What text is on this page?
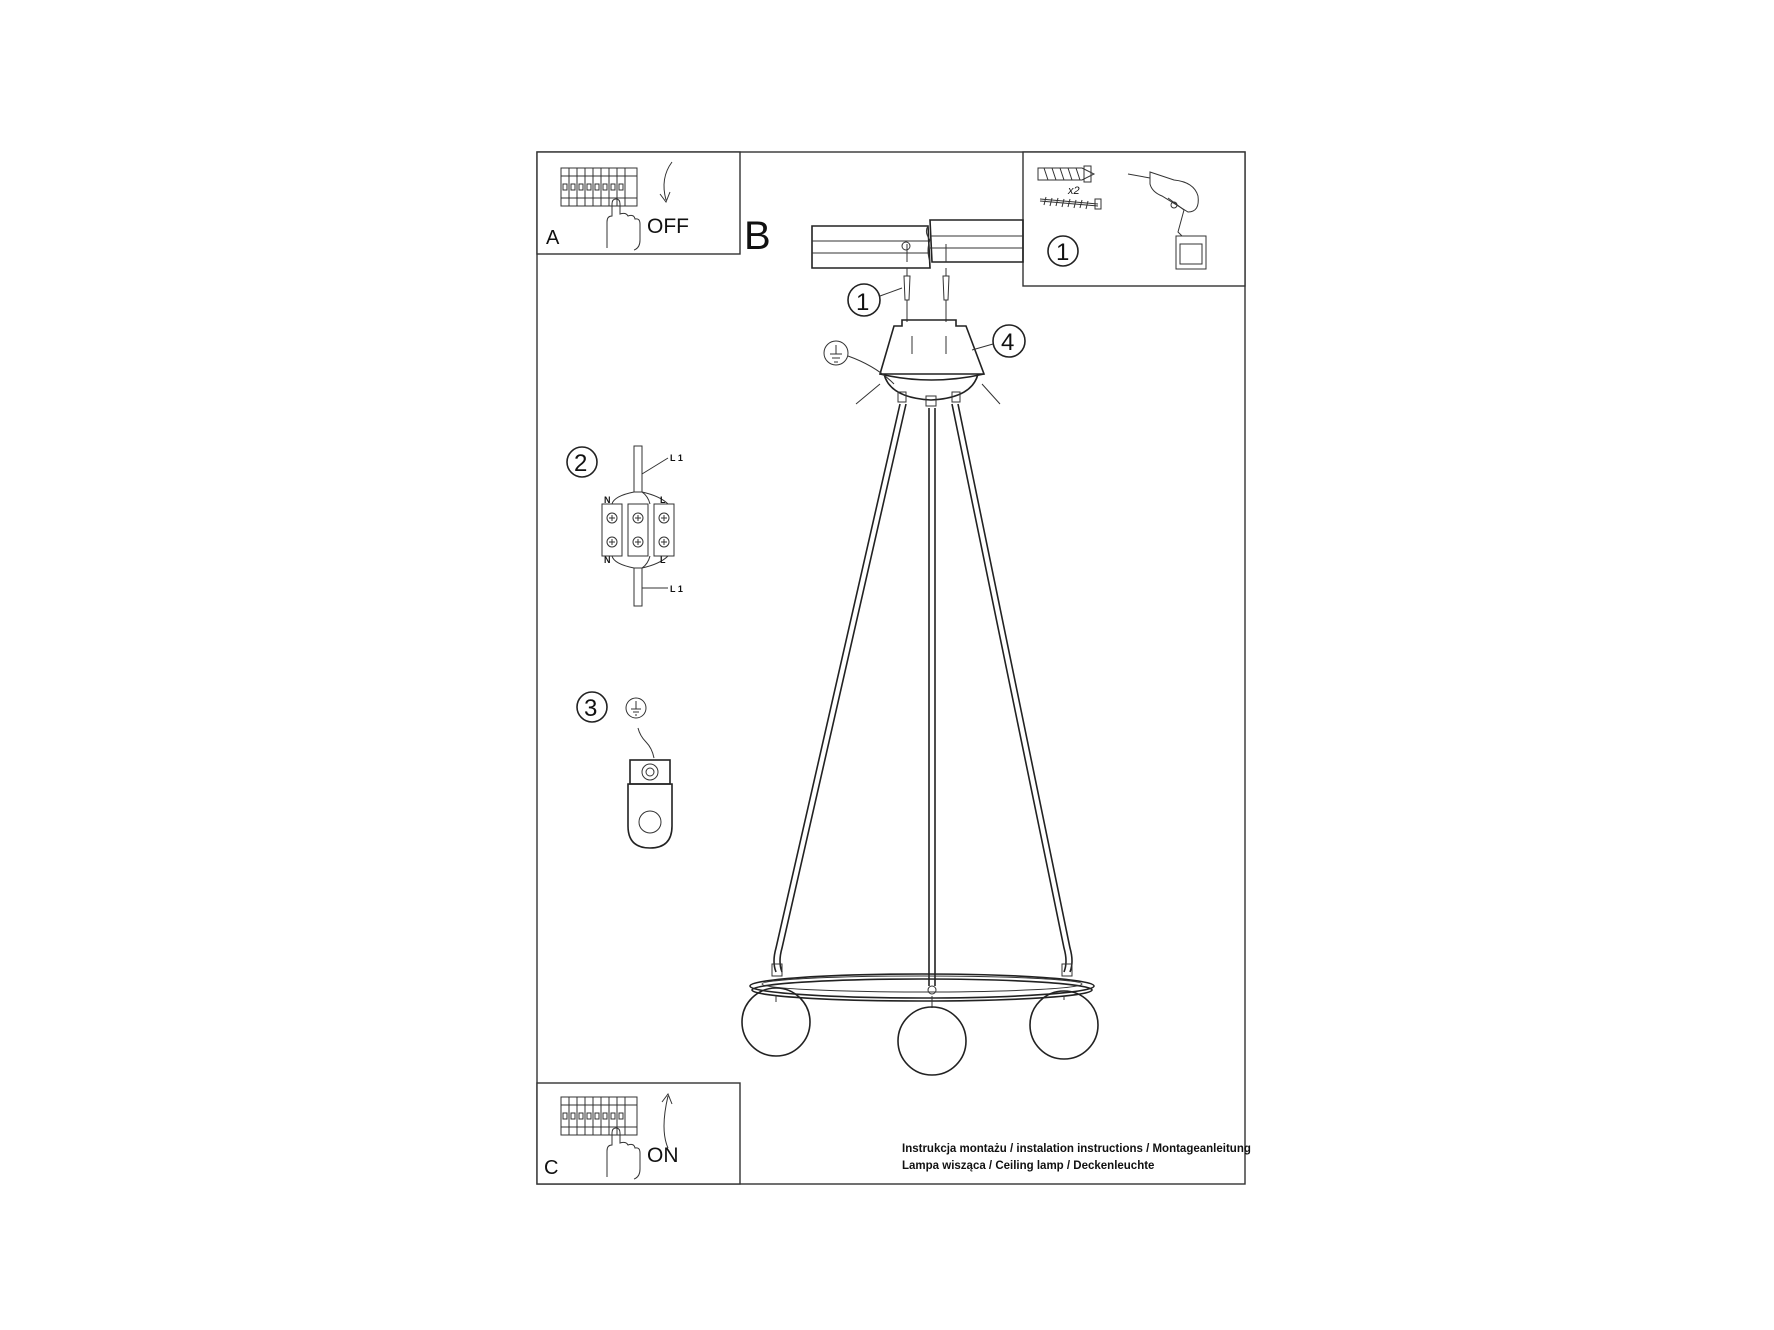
A	OFF B
x2
1
1
4
2	L 1
N	L
N	L
L 1
3
C
ON	Instrukcja montażu / instalation instructions / Montageanleitung
Lampa wisząca / Ceiling lamp / Deckenleuchte
